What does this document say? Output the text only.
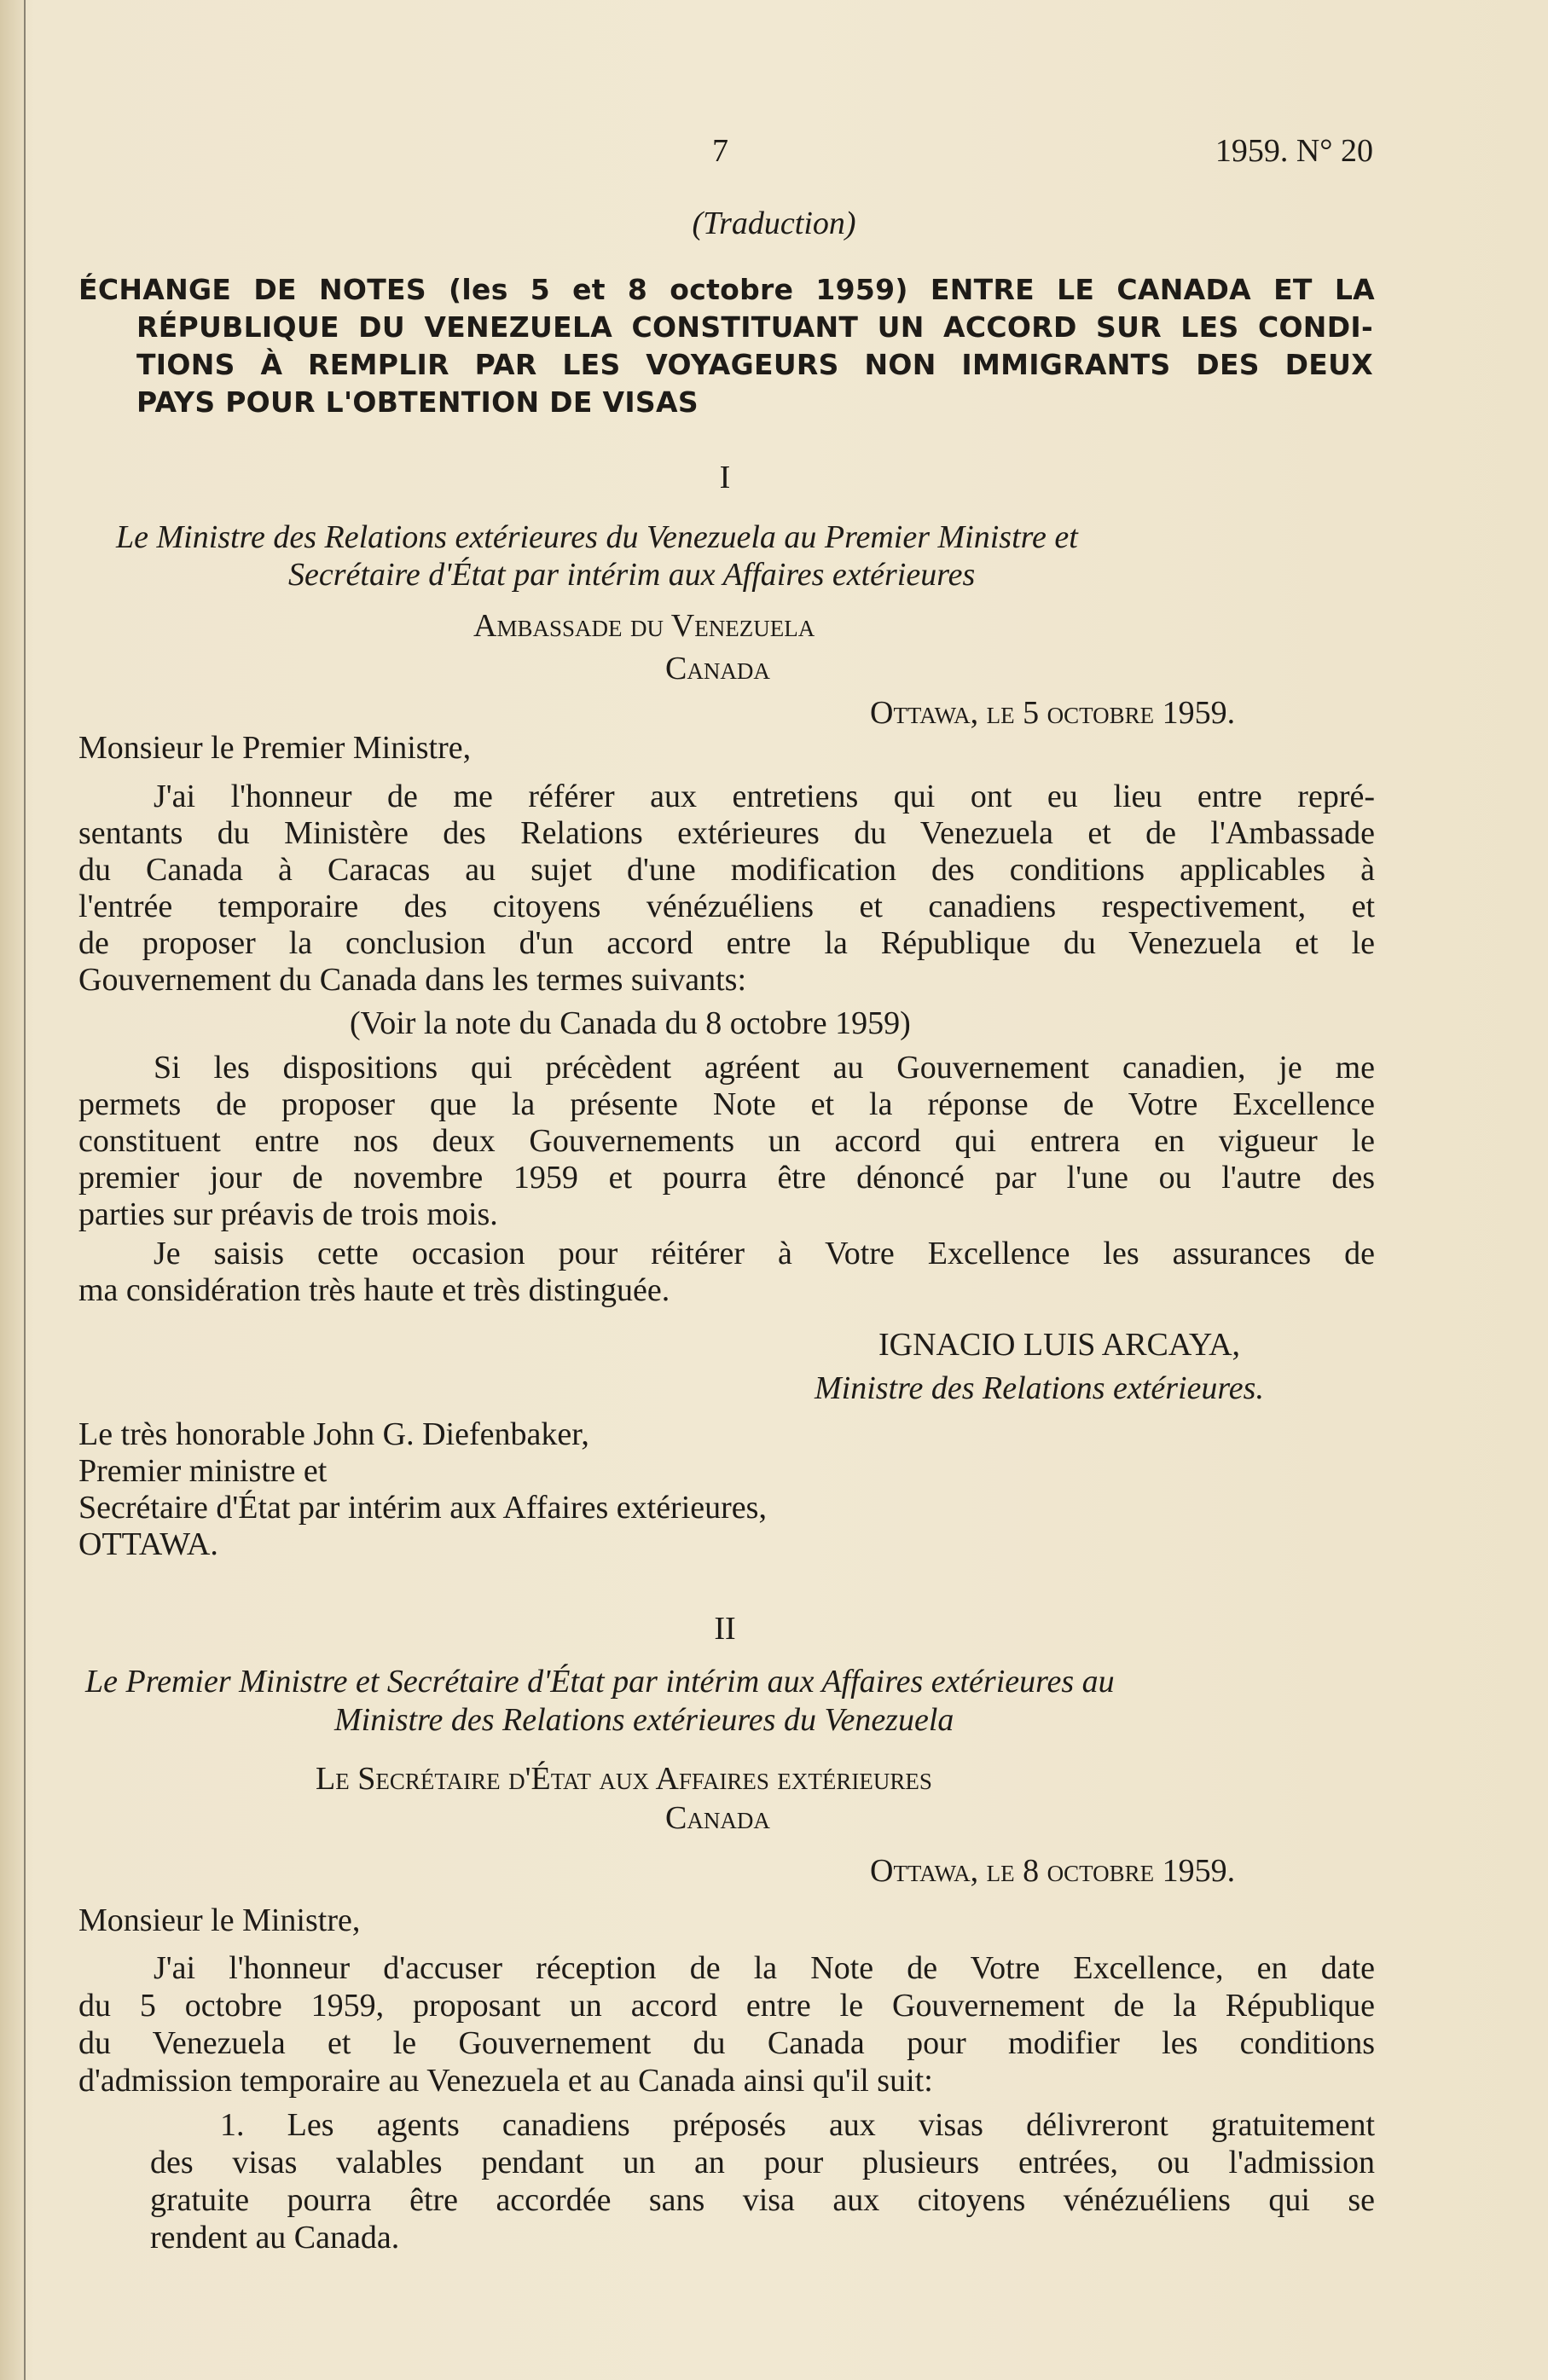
7	1959. N° 20
(Traduction)
ÉCHANGE DE NOTES (les 5 et 8 octobre 1959) ENTRE LE CANADA ET LA
RÉPUBLIQUE DU VENEZUELA CONSTITUANT UN ACCORD SUR LES CONDI-
TIONS À REMPLIR PAR LES VOYAGEURS NON IMMIGRANTS DES DEUX
PAYS POUR L'OBTENTION DE VISAS
I
Le Ministre des Relations extérieures du Venezuela au Premier Ministre et
Secrétaire d'État par intérim aux Affaires extérieures
Ambassade du Venezuela
Canada
Ottawa, le 5 octobre 1959.
Monsieur le Premier Ministre,
J'ai l'honneur de me référer aux entretiens qui ont eu lieu entre repré-
sentants du Ministère des Relations extérieures du Venezuela et de l'Ambassade
du Canada à Caracas au sujet d'une modification des conditions applicables à
l'entrée temporaire des citoyens vénézuéliens et canadiens respectivement, et
de proposer la conclusion d'un accord entre la République du Venezuela et le
Gouvernement du Canada dans les termes suivants:
(Voir la note du Canada du 8 octobre 1959)
Si les dispositions qui précèdent agréent au Gouvernement canadien, je me
permets de proposer que la présente Note et la réponse de Votre Excellence
constituent entre nos deux Gouvernements un accord qui entrera en vigueur le
premier jour de novembre 1959 et pourra être dénoncé par l'une ou l'autre des
parties sur préavis de trois mois.
Je saisis cette occasion pour réitérer à Votre Excellence les assurances de
ma considération très haute et très distinguée.
IGNACIO LUIS ARCAYA,
Ministre des Relations extérieures.
Le très honorable John G. Diefenbaker,
Premier ministre et
Secrétaire d'État par intérim aux Affaires extérieures,
OTTAWA.
II
Le Premier Ministre et Secrétaire d'État par intérim aux Affaires extérieures au
Ministre des Relations extérieures du Venezuela
Le Secrétaire d'État aux Affaires extérieures
Canada
Ottawa, le 8 octobre 1959.
Monsieur le Ministre,
J'ai l'honneur d'accuser réception de la Note de Votre Excellence, en date
du 5 octobre 1959, proposant un accord entre le Gouvernement de la République
du Venezuela et le Gouvernement du Canada pour modifier les conditions
d'admission temporaire au Venezuela et au Canada ainsi qu'il suit:
1. Les agents canadiens préposés aux visas délivreront gratuitement
des visas valables pendant un an pour plusieurs entrées, ou l'admission
gratuite pourra être accordée sans visa aux citoyens vénézuéliens qui se
rendent au Canada.
